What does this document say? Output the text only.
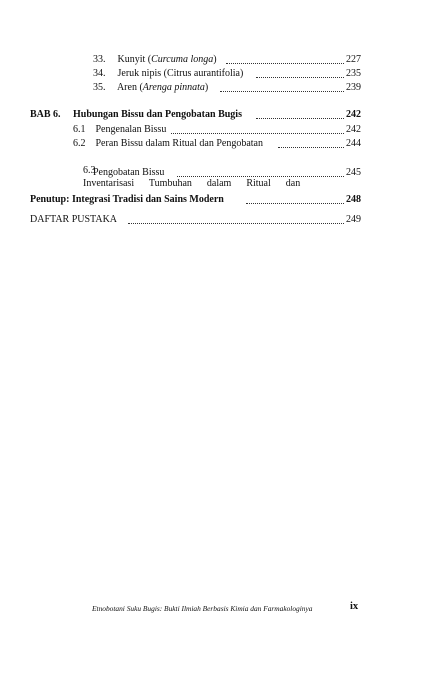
33. Kunyit (Curcuma longa)	227
34. Jeruk nipis (Citrus aurantifolia)	235
35. Aren (Arenga pinnata)	239
BAB 6. Hubungan Bissu dan Pengobatan Bugis	242
6.1 Pengenalan Bissu	242
6.2 Peran Bissu dalam Ritual dan Pengobatan	244

6.3
Inventarisasi      Tumbuhan      dalam      Ritual      dan

Pengobatan Bissu	245
Penutup: Integrasi Tradisi dan Sains Modern	248
DAFTAR PUSTAKA	249
Etnobotani Suku Bugis: Bukti Ilmiah Berbasis Kimia dan Farmakologinya	ix
